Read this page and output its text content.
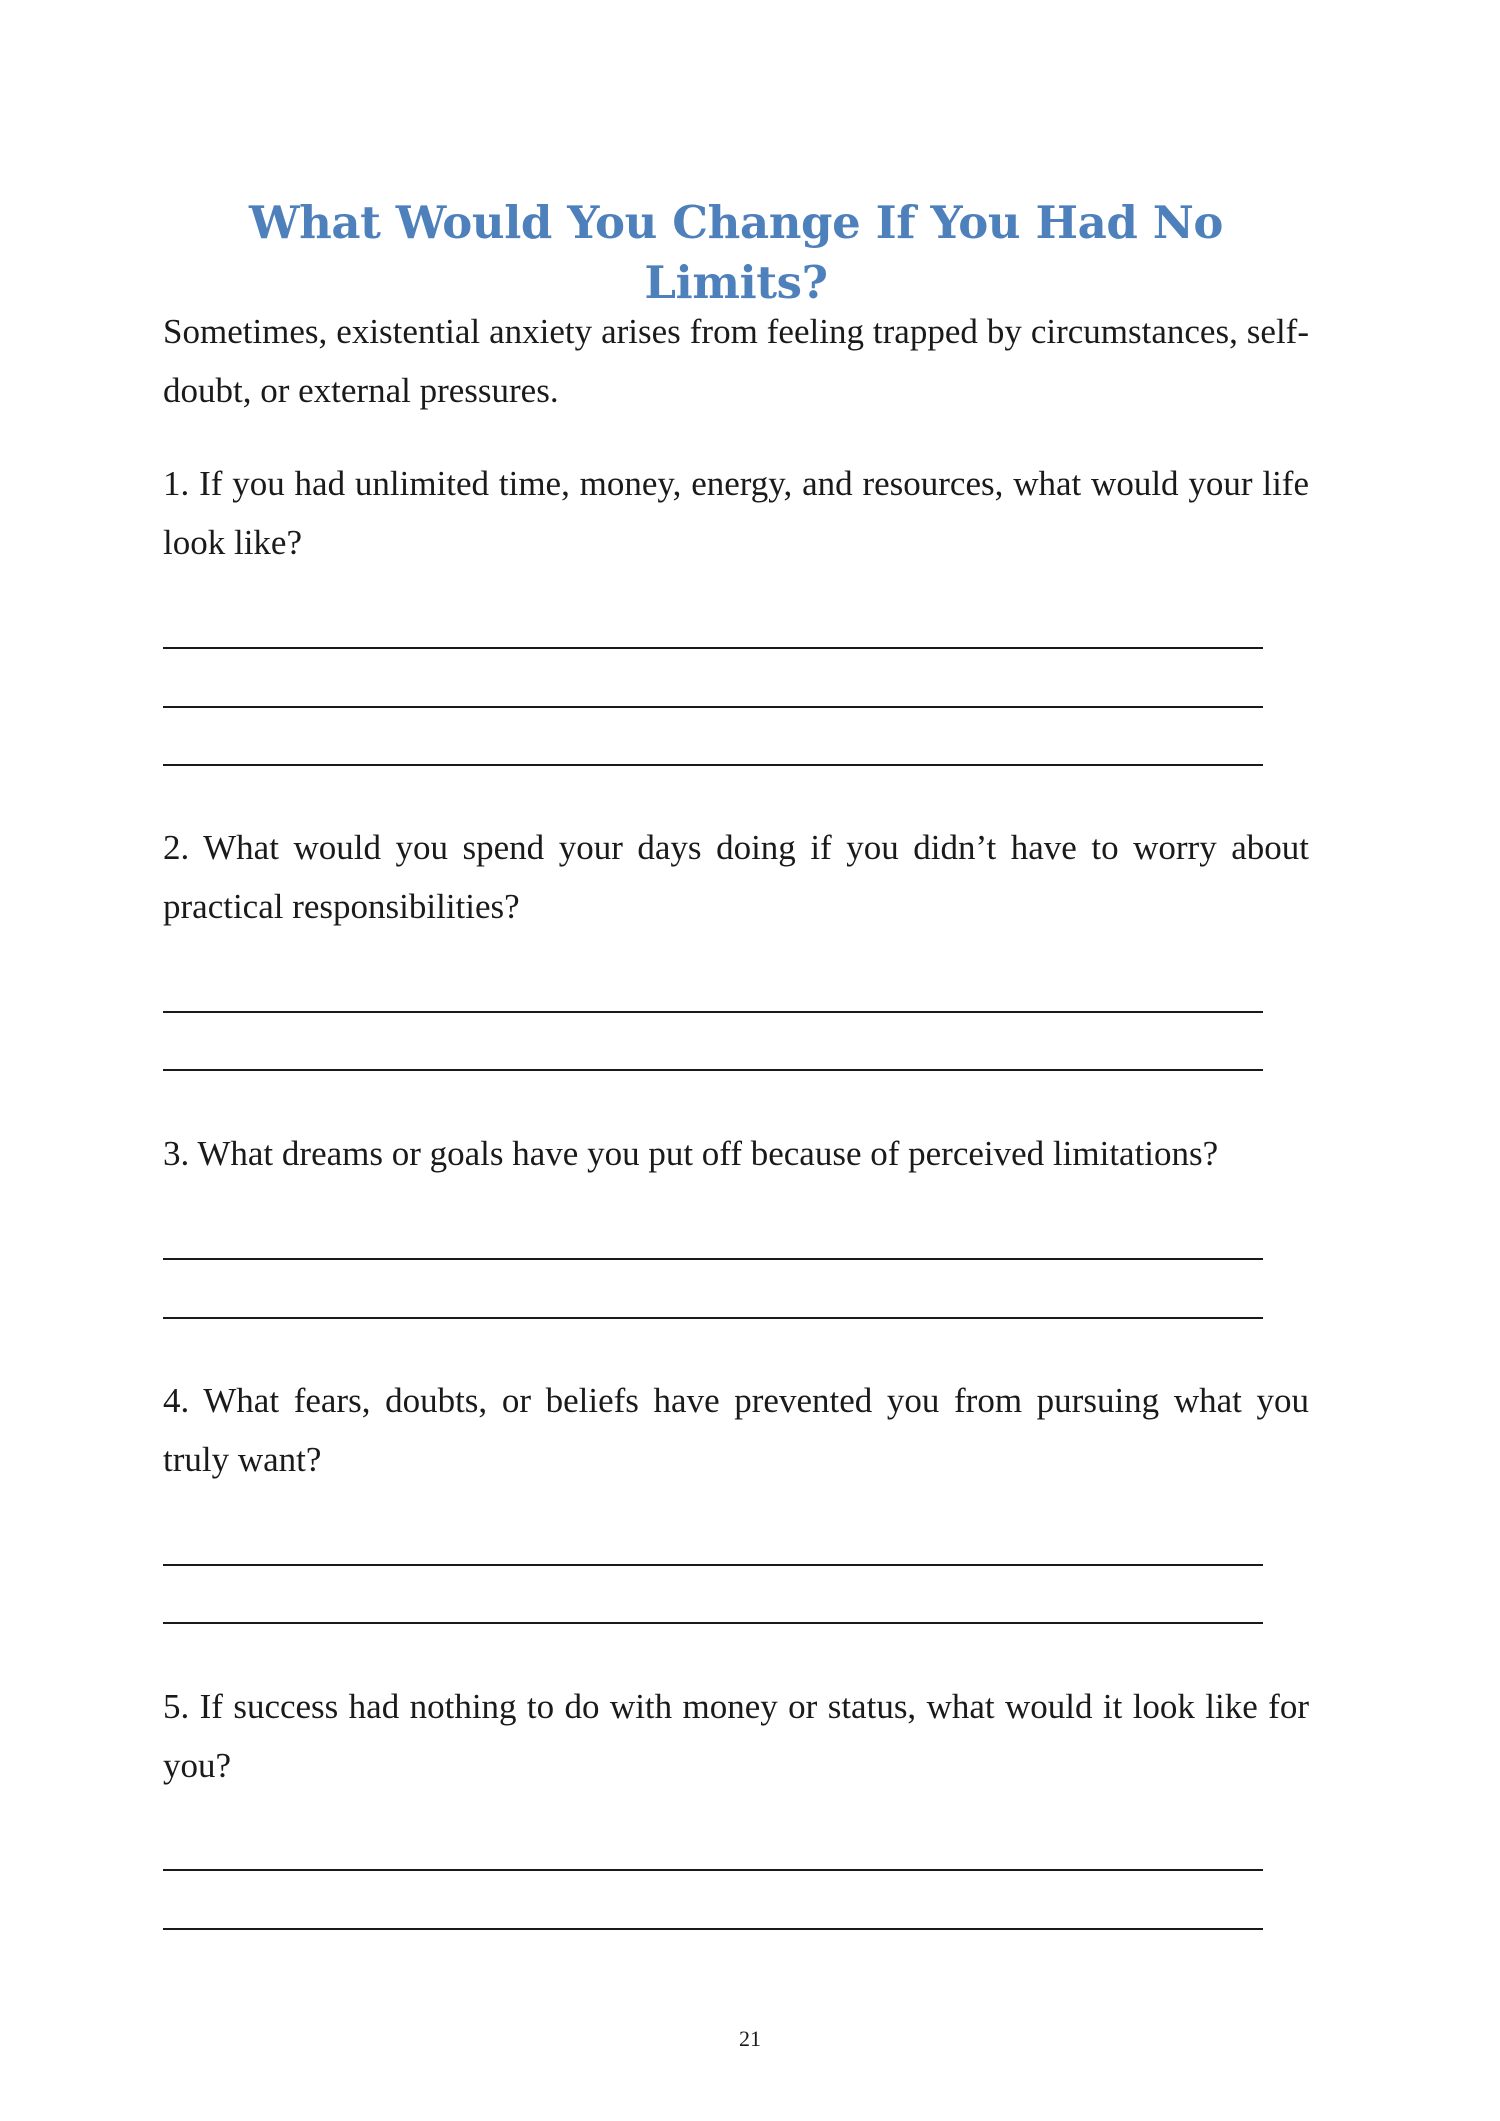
What Would You Change If You Had No Limits?

Sometimes, existential anxiety arises from feeling trapped by circumstances, self-doubt, or external pressures.

1. If you had unlimited time, money, energy, and resources, what would your life look like?

2. What would you spend your days doing if you didn’t have to worry about practical responsibilities?

3. What dreams or goals have you put off because of perceived limitations?

4. What fears, doubts, or beliefs have prevented you from pursuing what you truly want?

5. If success had nothing to do with money or status, what would it look like for you?

21
